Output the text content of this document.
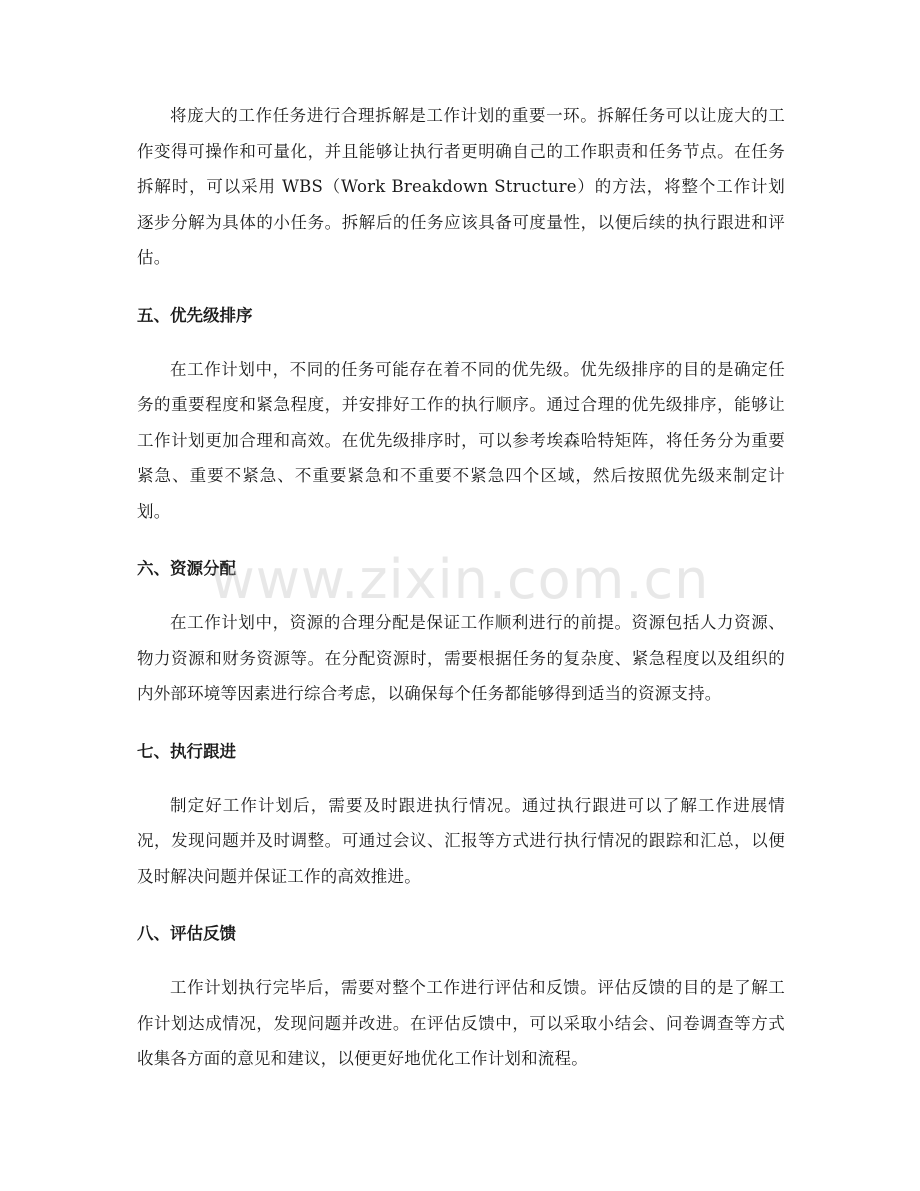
将庞大的工作任务进行合理拆解是工作计划的重要一环。拆解任务可以让庞大的工作变得可操作和可量化，并且能够让执行者更明确自己的工作职责和任务节点。在任务拆解时，可以采用 WBS（Work Breakdown Structure）的方法，将整个工作计划逐步分解为具体的小任务。拆解后的任务应该具备可度量性，以便后续的执行跟进和评估。

五、优先级排序

在工作计划中，不同的任务可能存在着不同的优先级。优先级排序的目的是确定任务的重要程度和紧急程度，并安排好工作的执行顺序。通过合理的优先级排序，能够让工作计划更加合理和高效。在优先级排序时，可以参考埃森哈特矩阵，将任务分为重要紧急、重要不紧急、不重要紧急和不重要不紧急四个区域，然后按照优先级来制定计划。

六、资源分配

在工作计划中，资源的合理分配是保证工作顺利进行的前提。资源包括人力资源、物力资源和财务资源等。在分配资源时，需要根据任务的复杂度、紧急程度以及组织的内外部环境等因素进行综合考虑，以确保每个任务都能够得到适当的资源支持。

七、执行跟进

制定好工作计划后，需要及时跟进执行情况。通过执行跟进可以了解工作进展情况，发现问题并及时调整。可通过会议、汇报等方式进行执行情况的跟踪和汇总，以便及时解决问题并保证工作的高效推进。

八、评估反馈

工作计划执行完毕后，需要对整个工作进行评估和反馈。评估反馈的目的是了解工作计划达成情况，发现问题并改进。在评估反馈中，可以采取小结会、问卷调查等方式收集各方面的意见和建议，以便更好地优化工作计划和流程。

www.zixin.com.cn
